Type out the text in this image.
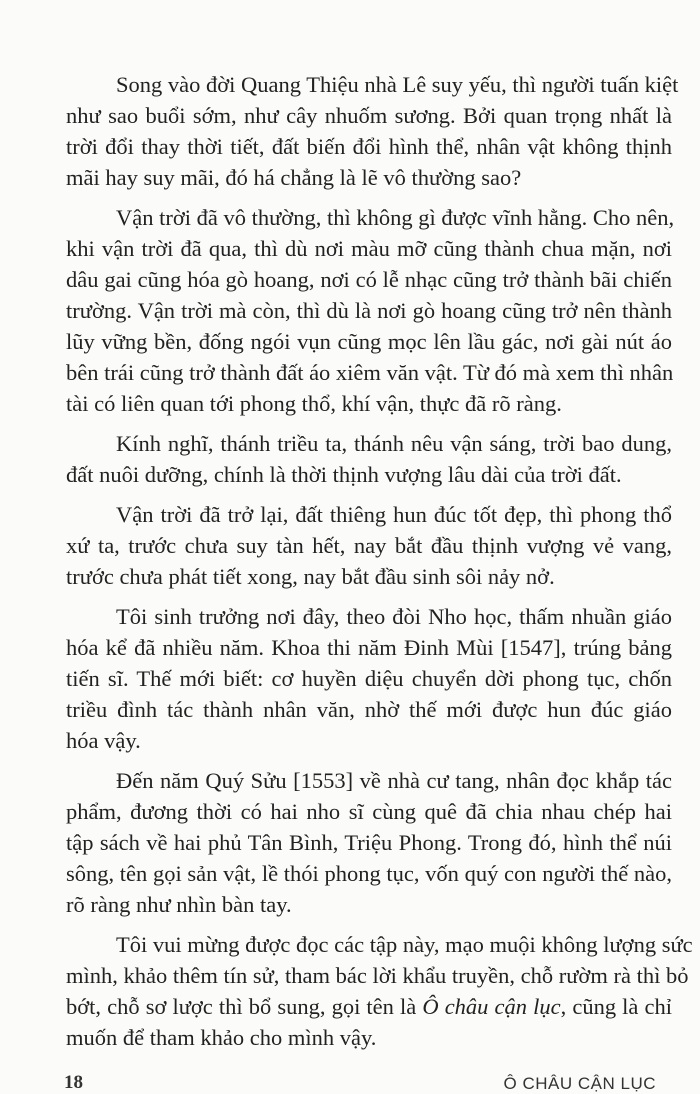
Song vào đời Quang Thiệu nhà Lê suy yếu, thì người tuấn kiệt
như sao buổi sớm, như cây nhuốm sương. Bởi quan trọng nhất là
trời đổi thay thời tiết, đất biến đổi hình thể, nhân vật không thịnh
mãi hay suy mãi, đó há chẳng là lẽ vô thường sao?
Vận trời đã vô thường, thì không gì được vĩnh hằng. Cho nên,
khi vận trời đã qua, thì dù nơi màu mỡ cũng thành chua mặn, nơi
dâu gai cũng hóa gò hoang, nơi có lễ nhạc cũng trở thành bãi chiến
trường. Vận trời mà còn, thì dù là nơi gò hoang cũng trở nên thành
lũy vững bền, đống ngói vụn cũng mọc lên lầu gác, nơi gài nút áo
bên trái cũng trở thành đất áo xiêm văn vật. Từ đó mà xem thì nhân
tài có liên quan tới phong thổ, khí vận, thực đã rõ ràng.
Kính nghĩ, thánh triều ta, thánh nêu vận sáng, trời bao dung,
đất nuôi dưỡng, chính là thời thịnh vượng lâu dài của trời đất.
Vận trời đã trở lại, đất thiêng hun đúc tốt đẹp, thì phong thổ
xứ ta, trước chưa suy tàn hết, nay bắt đầu thịnh vượng vẻ vang,
trước chưa phát tiết xong, nay bắt đầu sinh sôi nảy nở.
Tôi sinh trưởng nơi đây, theo đòi Nho học, thấm nhuần giáo
hóa kể đã nhiều năm. Khoa thi năm Đinh Mùi [1547], trúng bảng
tiến sĩ. Thế mới biết: cơ huyền diệu chuyển dời phong tục, chốn
triều đình tác thành nhân văn, nhờ thế mới được hun đúc giáo
hóa vậy.
Đến năm Quý Sửu [1553] về nhà cư tang, nhân đọc khắp tác
phẩm, đương thời có hai nho sĩ cùng quê đã chia nhau chép hai
tập sách về hai phủ Tân Bình, Triệu Phong. Trong đó, hình thể núi
sông, tên gọi sản vật, lề thói phong tục, vốn quý con người thế nào,
rõ ràng như nhìn bàn tay.
Tôi vui mừng được đọc các tập này, mạo muội không lượng sức
mình, khảo thêm tín sử, tham bác lời khẩu truyền, chỗ rườm rà thì bỏ
bớt, chỗ sơ lược thì bổ sung, gọi tên là Ô châu cận lục, cũng là chỉ
muốn để tham khảo cho mình vậy.
18	Ô CHÂU CẬN LỤC
